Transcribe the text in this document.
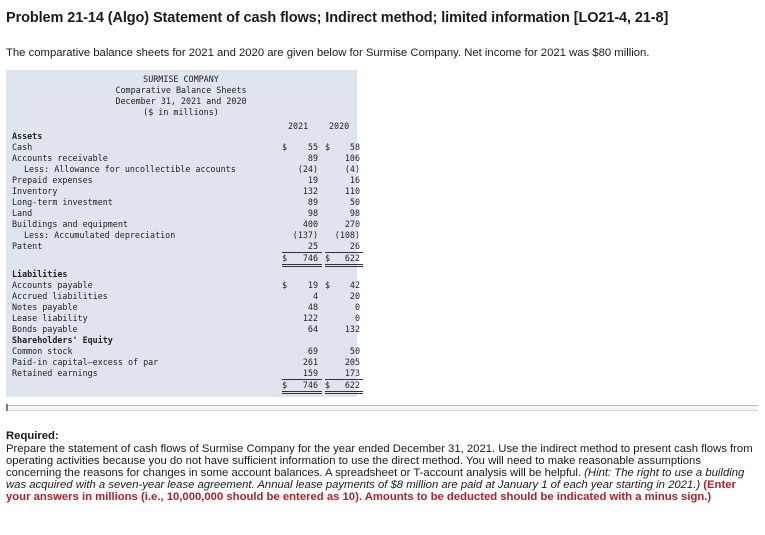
Problem 21-14 (Algo) Statement of cash flows; Indirect method; limited information [LO21-4, 21-8]

The comparative balance sheets for 2021 and 2020 are given below for Surmise Company. Net income for 2021 was $80 million.

SURMISE COMPANY
Comparative Balance Sheets
December 31, 2021 and 2020
($ in millions)
2021 2020
Assets
Cash	$ 55 $ 58
Accounts receivable	89	106
Less: Allowance for uncollectible accounts	(24)	(4)
Prepaid expenses	19	16
Inventory	132	110
Long-term investment	89	50
Land	98	98
Buildings and equipment	400	270
Less: Accumulated depreciation	(137) (108)
Patent	25	26
$ 746 $ 622
Liabilities
Accounts payable	$ 19 $ 42
Accrued liabilities	4	20
Notes payable	48	0
Lease liability	122	0
Bonds payable	64	132
Shareholders' Equity
Common stock	69	50
Paid-in capital–excess of par	261	205
Retained earnings	159	173
$ 746 $ 622

Required:

Prepare the statement of cash flows of Surmise Company for the year ended December 31, 2021. Use the indirect method to present cash flows from operating activities because you do not have sufficient information to use the direct method. You will need to make reasonable assumptions concerning the reasons for changes in some account balances. A spreadsheet or T-account analysis will be helpful. (Hint: The right to use a building was acquired with a seven-year lease agreement. Annual lease payments of $8 million are paid at January 1 of each year starting in 2021.) (Enter your answers in millions (i.e., 10,000,000 should be entered as 10). Amounts to be deducted should be indicated with a minus sign.)
